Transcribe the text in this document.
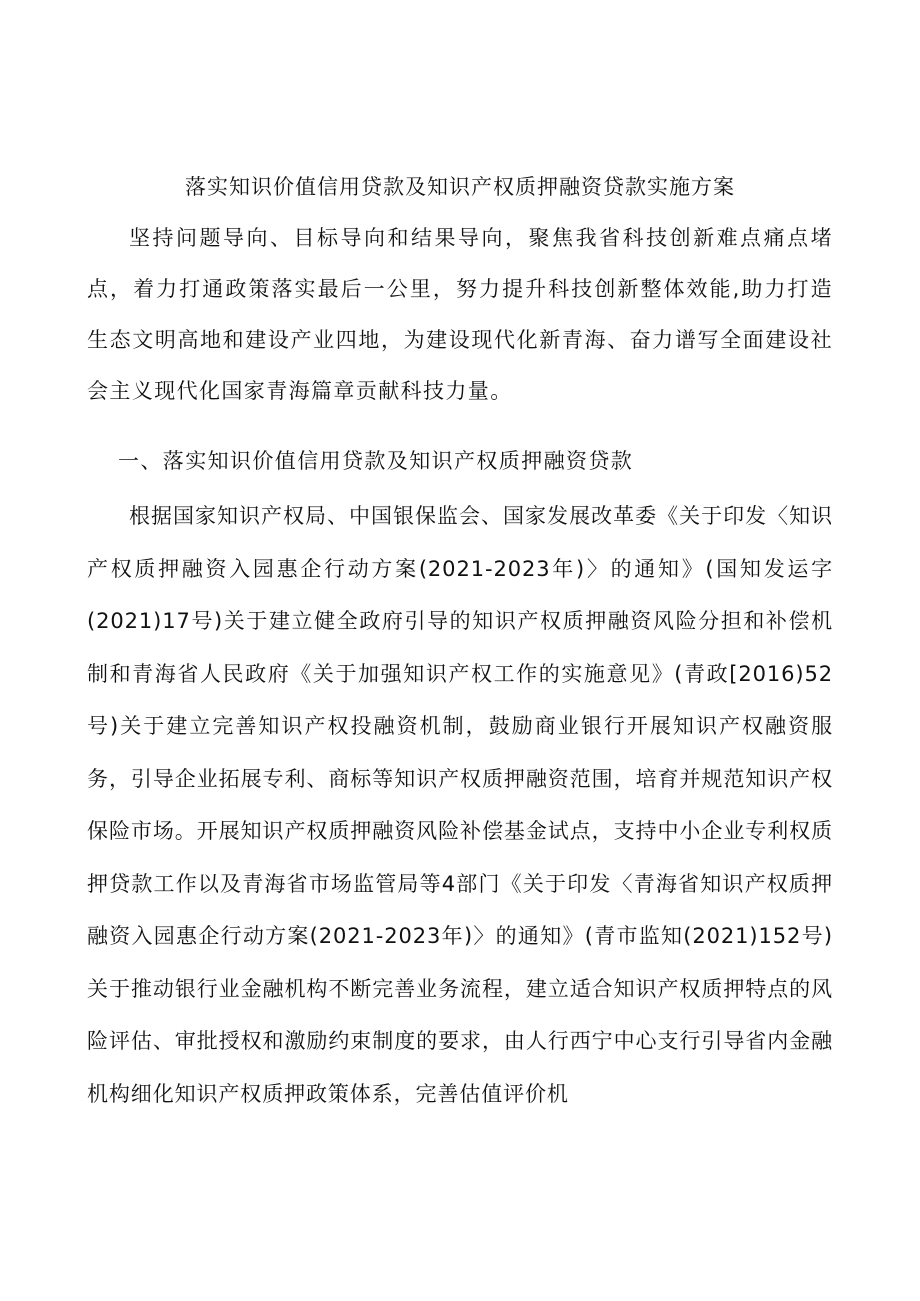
落实知识价值信用贷款及知识产权质押融资贷款实施方案
坚持问题导向、目标导向和结果导向，聚焦我省科技创新难点痛点堵点，着力打通政策落实最后一公里，努力提升科技创新整体效能,助力打造生态文明高地和建设产业四地，为建设现代化新青海、奋力谱写全面建设社会主义现代化国家青海篇章贡献科技力量。
一、落实知识价值信用贷款及知识产权质押融资贷款
根据国家知识产权局、中国银保监会、国家发展改革委《关于印发〈知识产权质押融资入园惠企行动方案(2021-2023年)〉的通知》(国知发运字(2021)17号)关于建立健全政府引导的知识产权质押融资风险分担和补偿机制和青海省人民政府《关于加强知识产权工作的实施意见》(青政[2016)52号)关于建立完善知识产权投融资机制，鼓励商业银行开展知识产权融资服务，引导企业拓展专利、商标等知识产权质押融资范围，培育并规范知识产权保险市场。开展知识产权质押融资风险补偿基金试点，支持中小企业专利权质押贷款工作以及青海省市场监管局等4部门《关于印发〈青海省知识产权质押融资入园惠企行动方案(2021-2023年)〉的通知》(青市监知(2021)152号)关于推动银行业金融机构不断完善业务流程，建立适合知识产权质押特点的风险评估、审批授权和激励约束制度的要求，由人行西宁中心支行引导省内金融机构细化知识产权质押政策体系，完善估值评价机
